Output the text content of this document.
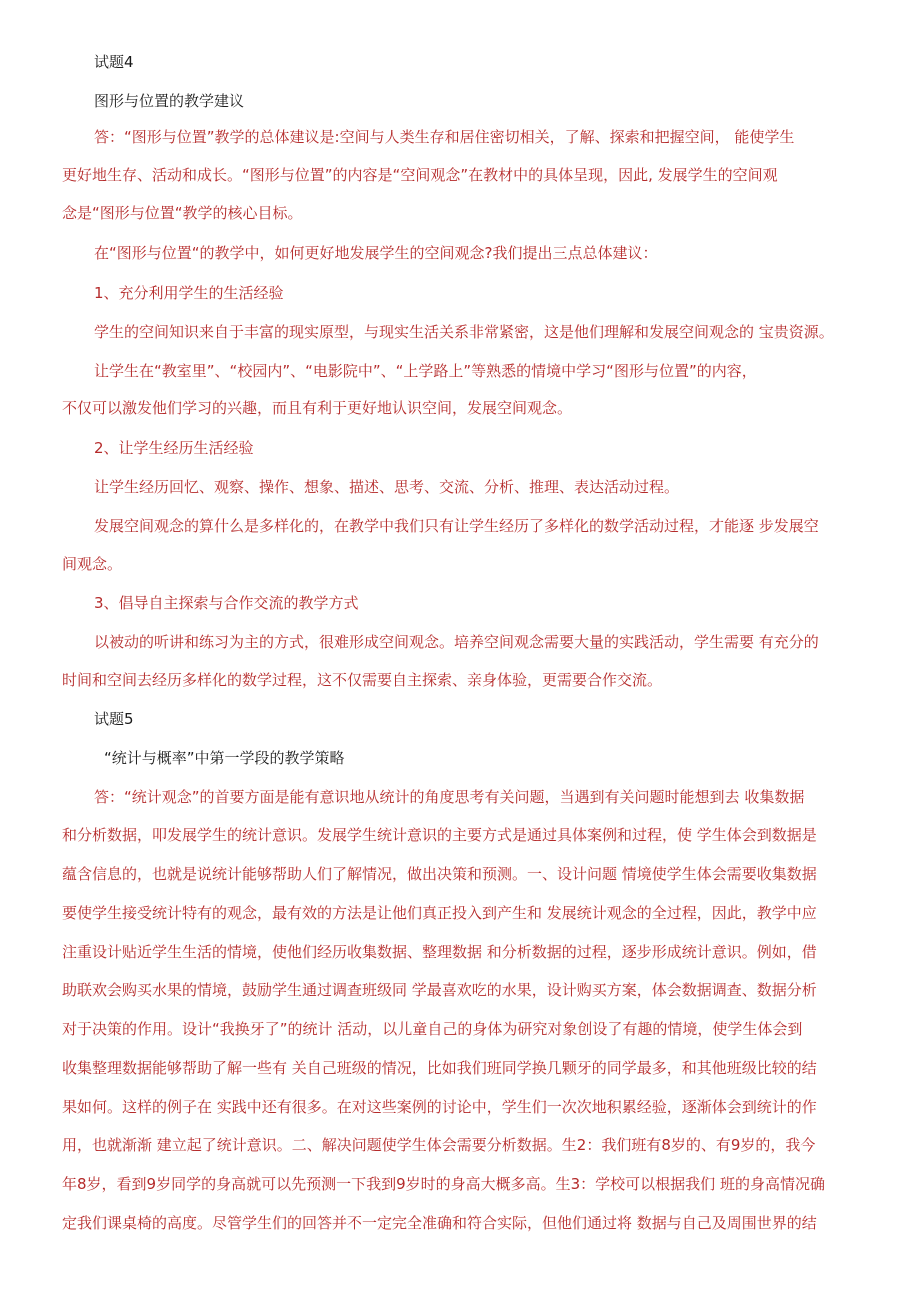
试题4
图形与位置的教学建议
答：“图形与位置”教学的总体建议是:空间与人类生存和居住密切相关，了解、探索和把握空间， 能使学生
更好地生存、活动和成长。“图形与位置”的内容是“空间观念”在教材中的具体呈现，因此, 发展学生的空间观
念是“图形与位置“教学的核心目标。
在“图形与位置“的教学中，如何更好地发展学生的空间观念?我们提出三点总体建议：
1、充分利用学生的生活经验
学生的空间知识来自于丰富的现实原型，与现实生活关系非常紧密，这是他们理解和发展空间观念的 宝贵资源。
让学生在“教室里”、“校园内”、“电影院中”、“上学路上”等熟悉的情境中学习“图形与位置”的内容，
不仅可以激发他们学习的兴趣，而且有利于更好地认识空间，发展空间观念。
2、让学生经历生活经验
让学生经历回忆、观察、操作、想象、描述、思考、交流、分析、推理、表达活动过程。
发展空间观念的算什么是多样化的，在教学中我们只有让学生经历了多样化的数学活动过程，才能逐 步发展空
间观念。
3、倡导自主探索与合作交流的教学方式
以被动的听讲和练习为主的方式，很难形成空间观念。培养空间观念需要大量的实践活动，学生需要 有充分的
时间和空间去经历多样化的数学过程，这不仅需要自主探索、亲身体验，更需要合作交流。
试题5
“统计与概率”中第一学段的教学策略
答：“统计观念”的首要方面是能有意识地从统计的角度思考有关问题，当遇到有关问题时能想到去 收集数据
和分析数据，叩发展学生的统计意识。发展学生统计意识的主要方式是通过具体案例和过程，使 学生体会到数据是
蕴含信息的，也就是说统计能够帮助人们了解情况，做出决策和预测。一、设计问题 情境使学生体会需要收集数据
要使学生接受统计特有的观念，最有效的方法是让他们真正投入到产生和 发展统计观念的全过程，因此，教学中应
注重设计贴近学生生活的情境，使他们经历收集数据、整理数据 和分析数据的过程，逐步形成统计意识。例如，借
助联欢会购买水果的情境，鼓励学生通过调查班级同 学最喜欢吃的水果，设计购买方案，体会数据调查、数据分析
对于决策的作用。设计“我换牙了”的统计 活动，以儿童自己的身体为研究对象创设了有趣的情境，使学生体会到
收集整理数据能够帮助了解一些有 关自己班级的情况，比如我们班同学换几颗牙的同学最多，和其他班级比较的结
果如何。这样的例子在 实践中还有很多。在对这些案例的讨论中，学生们一次次地积累经验，逐渐体会到统计的作
用，也就渐渐 建立起了统计意识。二、解决问题使学生体会需要分析数据。生2：我们班有8岁的、有9岁的，我今
年8岁，看到9岁同学的身高就可以先预测一下我到9岁时的身高大概多高。生3：学校可以根据我们 班的身高情况确
定我们课桌椅的高度。尽管学生们的回答并不一定完全准确和符合实际，但他们通过将 数据与自己及周围世界的结
